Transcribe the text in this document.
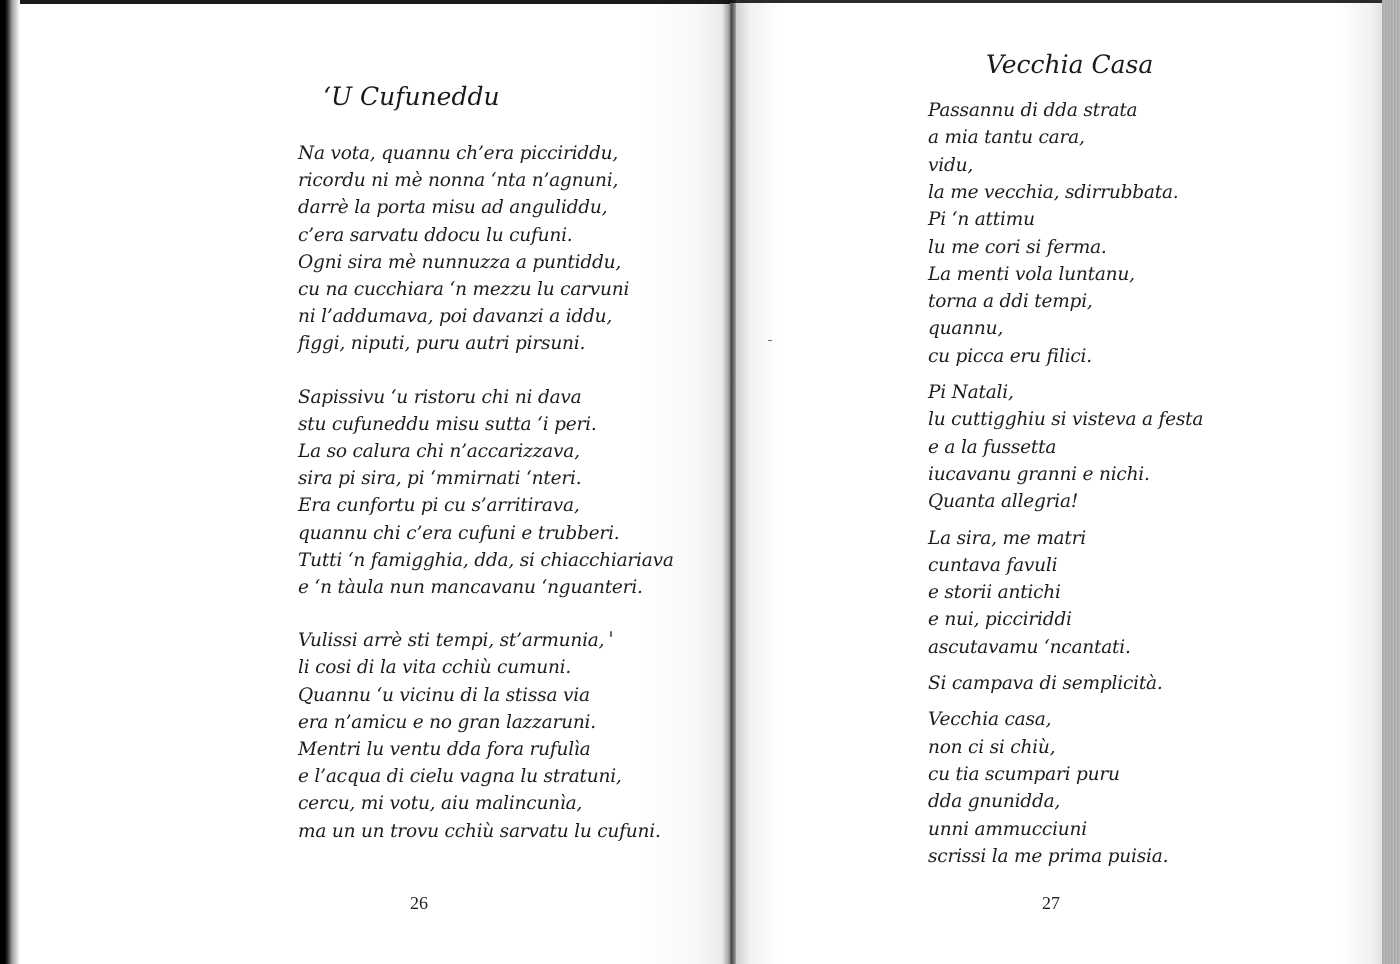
‘U Cufuneddu
Na vota, quannu ch’era picciriddu,
ricordu ni mè nonna ‘nta n’agnuni,
darrè la porta misu ad anguliddu,
c’era sarvatu ddocu lu cufuni.
Ogni sira mè nunnuzza a puntiddu,
cu na cucchiara ‘n mezzu lu carvuni
ni l’addumava, poi davanzi a iddu,
figgi, niputi, puru autri pirsuni.
Sapissivu ‘u ristoru chi ni dava
stu cufuneddu misu sutta ‘i peri.
La so calura chi n’accarizzava,
sira pi sira, pi ‘mmirnati ‘nteri.
Era cunfortu pi cu s’arritirava,
quannu chi c’era cufuni e trubberi.
Tutti ‘n famigghia, dda, si chiacchiariava
e ‘n tàula nun mancavanu ‘nguanteri.
Vulissi arrè sti tempi, st’armunia,
li cosi di la vita cchiù cumuni.
Quannu ‘u vicinu di la stissa via
era n’amicu e no gran lazzaruni.
Mentri lu ventu dda fora rufulìa
e l’acqua di cielu vagna lu stratuni,
cercu, mi votu, aiu malincunìa,
ma un un trovu cchiù sarvatu lu cufuni.
26
Vecchia Casa
Passannu di dda strata
a mia tantu cara,
vidu,
la me vecchia, sdirrubbata.
Pi ‘n attimu
lu me cori si ferma.
La menti vola luntanu,
torna a ddi tempi,
quannu,
cu picca eru filici.
Pi Natali,
lu cuttigghiu si visteva a festa
e a la fussetta
iucavanu granni e nichi.
Quanta allegria!
La sira, me matri
cuntava favuli
e storii antichi
e nui, picciriddi
ascutavamu ‘ncantati.
Si campava di semplicità.
Vecchia casa,
non ci si chiù,
cu tia scumpari puru
dda gnunidda,
unni ammucciuni
scrissi la me prima puisia.
27
